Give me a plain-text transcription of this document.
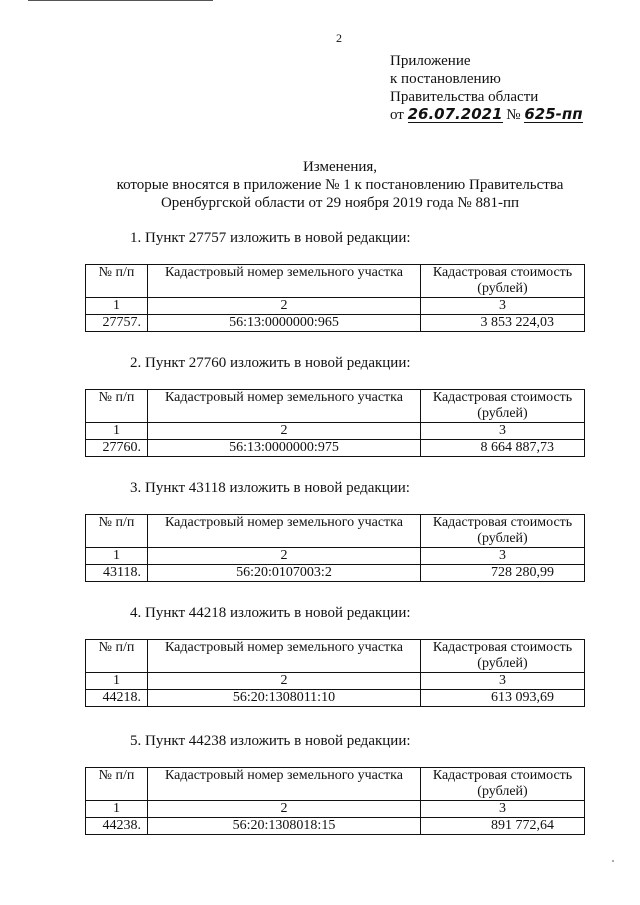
2
Приложение
к постановлению
Правительства области
от 26.07.2021 № 625-пп
Изменения,
которые вносятся в приложение № 1 к постановлению Правительства
Оренбургской области от 29 ноября 2019 года № 881-пп
1. Пункт 27757 изложить в новой редакции:
№ п/п	Кадастровый номер земельного участка	Кадастровая стоимость (рублей)
1	2	3
27757.	56:13:0000000:965	3 853 224,03
2. Пункт 27760 изложить в новой редакции:
№ п/п	Кадастровый номер земельного участка	Кадастровая стоимость (рублей)
1	2	3
27760.	56:13:0000000:975	8 664 887,73
3. Пункт 43118 изложить в новой редакции:
№ п/п	Кадастровый номер земельного участка	Кадастровая стоимость (рублей)
1	2	3
43118.	56:20:0107003:2	728 280,99
4. Пункт 44218 изложить в новой редакции:
№ п/п	Кадастровый номер земельного участка	Кадастровая стоимость (рублей)
1	2	3
44218.	56:20:1308011:10	613 093,69
5. Пункт 44238 изложить в новой редакции:
№ п/п	Кадастровый номер земельного участка	Кадастровая стоимость (рублей)
1	2	3
44238.	56:20:1308018:15	891 772,64
